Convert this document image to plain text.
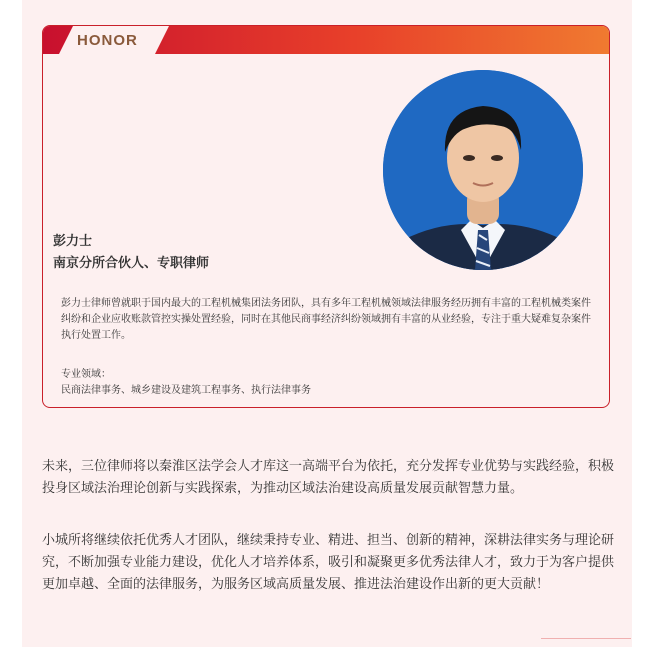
HONOR
彭力士
南京分所合伙人、专职律师
彭力士律师曾就职于国内最大的工程机械集团法务团队，具有多年工程机械领域法律服务经历拥有丰富的工程机械类案件纠纷和企业应收账款管控实操处置经验，同时在其他民商事经济纠纷领域拥有丰富的从业经验，专注于重大疑难复杂案件执行处置工作。
专业领域：
民商法律事务、城乡建设及建筑工程事务、执行法律事务

未来，三位律师将以秦淮区法学会人才库这一高端平台为依托，充分发挥专业优势与实践经验，积极投身区域法治理论创新与实践探索，为推动区域法治建设高质量发展贡献智慧力量。

小城所将继续依托优秀人才团队，继续秉持专业、精进、担当、创新的精神，深耕法律实务与理论研究，不断加强专业能力建设，优化人才培养体系，吸引和凝聚更多优秀法律人才，致力于为客户提供更加卓越、全面的法律服务，为服务区域高质量发展、推进法治建设作出新的更大贡献！
